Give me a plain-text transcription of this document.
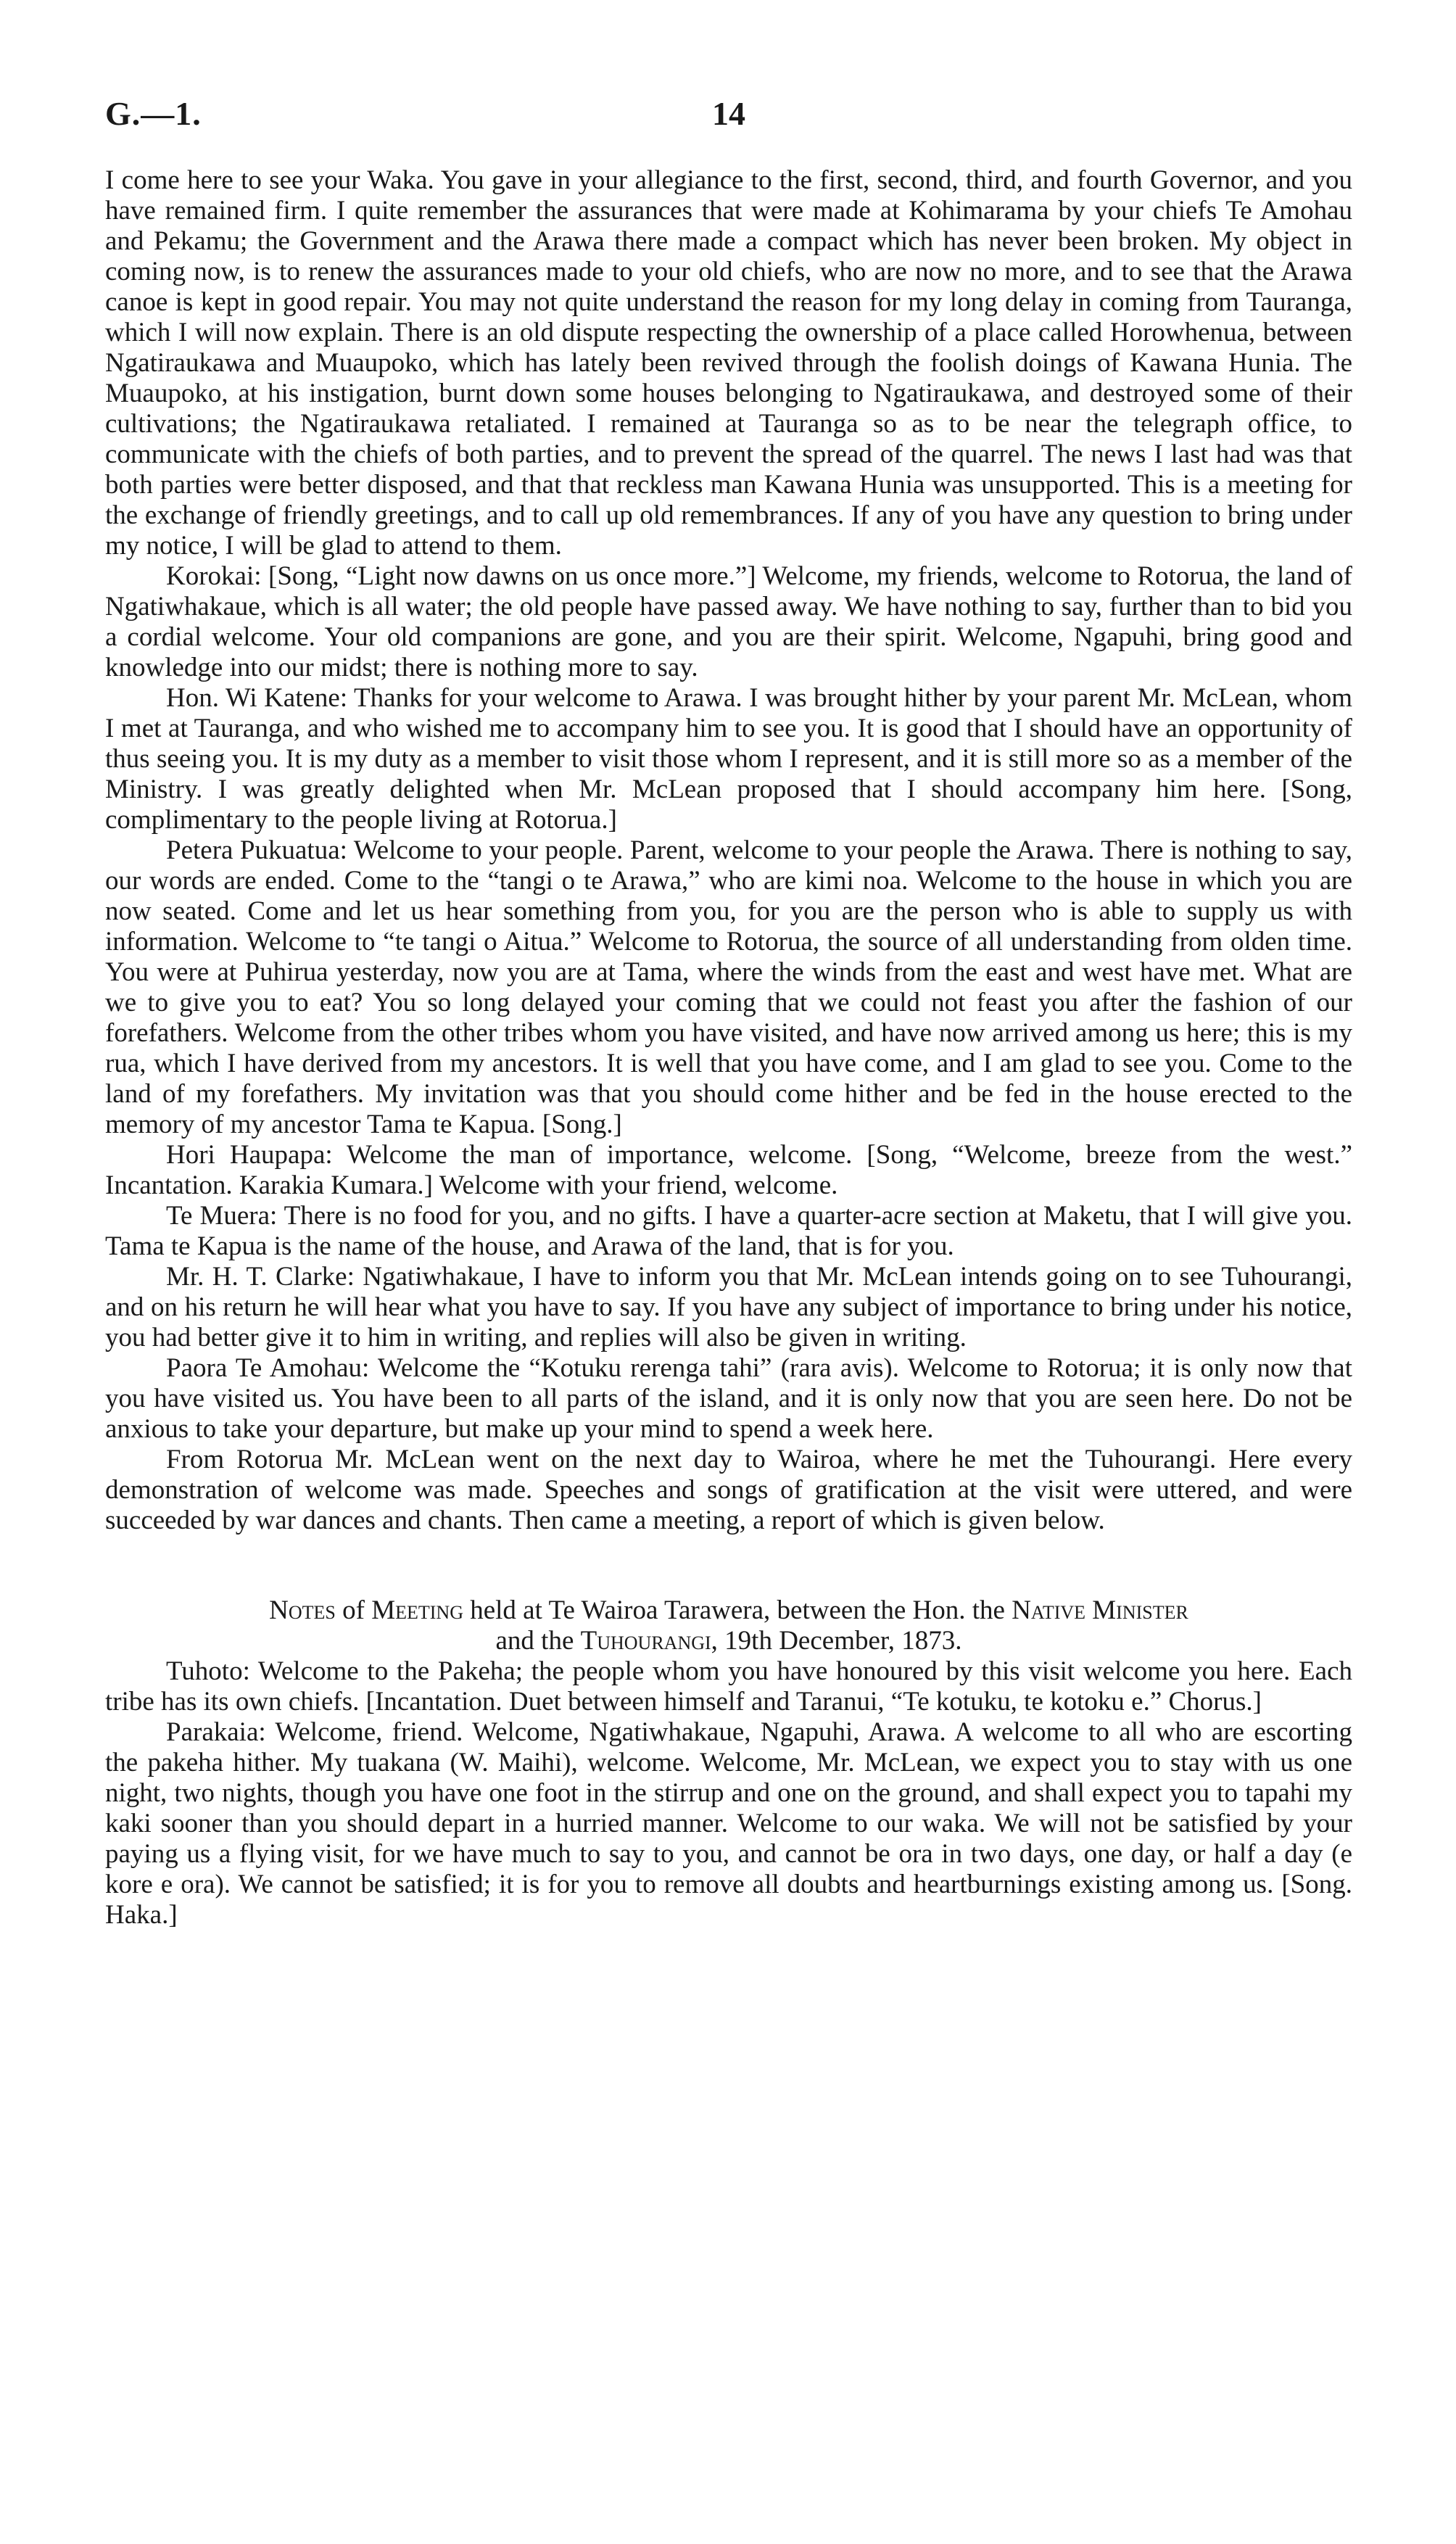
G.—1.	14

I come here to see your Waka. You gave in your allegiance to the first, second, third, and fourth Governor, and you have remained firm. I quite remember the assurances that were made at Kohimarama by your chiefs Te Amohau and Pekamu; the Government and the Arawa there made a compact which has never been broken. My object in coming now, is to renew the assurances made to your old chiefs, who are now no more, and to see that the Arawa canoe is kept in good repair. You may not quite understand the reason for my long delay in coming from Tauranga, which I will now explain. There is an old dispute respecting the ownership of a place called Horowhenua, between Ngatiraukawa and Muaupoko, which has lately been revived through the foolish doings of Kawana Hunia. The Muaupoko, at his instigation, burnt down some houses belonging to Ngatiraukawa, and destroyed some of their cultivations; the Ngatiraukawa retaliated. I remained at Tauranga so as to be near the telegraph office, to communicate with the chiefs of both parties, and to prevent the spread of the quarrel. The news I last had was that both parties were better disposed, and that that reckless man Kawana Hunia was unsupported. This is a meeting for the exchange of friendly greetings, and to call up old remembrances. If any of you have any question to bring under my notice, I will be glad to attend to them.

Korokai: [Song, “Light now dawns on us once more.”] Welcome, my friends, welcome to Rotorua, the land of Ngatiwhakaue, which is all water; the old people have passed away. We have nothing to say, further than to bid you a cordial welcome. Your old companions are gone, and you are their spirit. Welcome, Ngapuhi, bring good and knowledge into our midst; there is nothing more to say.

Hon. Wi Katene: Thanks for your welcome to Arawa. I was brought hither by your parent Mr. McLean, whom I met at Tauranga, and who wished me to accompany him to see you. It is good that I should have an opportunity of thus seeing you. It is my duty as a member to visit those whom I represent, and it is still more so as a member of the Ministry. I was greatly delighted when Mr. McLean proposed that I should accompany him here. [Song, complimentary to the people living at Rotorua.]

Petera Pukuatua: Welcome to your people. Parent, welcome to your people the Arawa. There is nothing to say, our words are ended. Come to the “tangi o te Arawa,” who are kimi noa. Welcome to the house in which you are now seated. Come and let us hear something from you, for you are the person who is able to supply us with information. Welcome to “te tangi o Aitua.” Welcome to Rotorua, the source of all understanding from olden time. You were at Puhirua yesterday, now you are at Tama, where the winds from the east and west have met. What are we to give you to eat? You so long delayed your coming that we could not feast you after the fashion of our forefathers. Welcome from the other tribes whom you have visited, and have now arrived among us here; this is my rua, which I have derived from my ancestors. It is well that you have come, and I am glad to see you. Come to the land of my forefathers. My invitation was that you should come hither and be fed in the house erected to the memory of my ancestor Tama te Kapua. [Song.]

Hori Haupapa: Welcome the man of importance, welcome. [Song, “Welcome, breeze from the west.” Incantation. Karakia Kumara.] Welcome with your friend, welcome.

Te Muera: There is no food for you, and no gifts. I have a quarter-acre section at Maketu, that I will give you. Tama te Kapua is the name of the house, and Arawa of the land, that is for you.

Mr. H. T. Clarke: Ngatiwhakaue, I have to inform you that Mr. McLean intends going on to see Tuhourangi, and on his return he will hear what you have to say. If you have any subject of importance to bring under his notice, you had better give it to him in writing, and replies will also be given in writing.

Paora Te Amohau: Welcome the “Kotuku rerenga tahi” (rara avis). Welcome to Rotorua; it is only now that you have visited us. You have been to all parts of the island, and it is only now that you are seen here. Do not be anxious to take your departure, but make up your mind to spend a week here.

From Rotorua Mr. McLean went on the next day to Wairoa, where he met the Tuhourangi. Here every demonstration of welcome was made. Speeches and songs of gratification at the visit were uttered, and were succeeded by war dances and chants. Then came a meeting, a report of which is given below.

Notes of Meeting held at Te Wairoa Tarawera, between the Hon. the Native Minister
and the Tuhourangi, 19th December, 1873.

Tuhoto: Welcome to the Pakeha; the people whom you have honoured by this visit welcome you here. Each tribe has its own chiefs. [Incantation. Duet between himself and Taranui, “Te kotuku, te kotoku e.” Chorus.]

Parakaia: Welcome, friend. Welcome, Ngatiwhakaue, Ngapuhi, Arawa. A welcome to all who are escorting the pakeha hither. My tuakana (W. Maihi), welcome. Welcome, Mr. McLean, we expect you to stay with us one night, two nights, though you have one foot in the stirrup and one on the ground, and shall expect you to tapahi my kaki sooner than you should depart in a hurried manner. Welcome to our waka. We will not be satisfied by your paying us a flying visit, for we have much to say to you, and cannot be ora in two days, one day, or half a day (e kore e ora). We cannot be satisfied; it is for you to remove all doubts and heartburnings existing among us. [Song. Haka.]
